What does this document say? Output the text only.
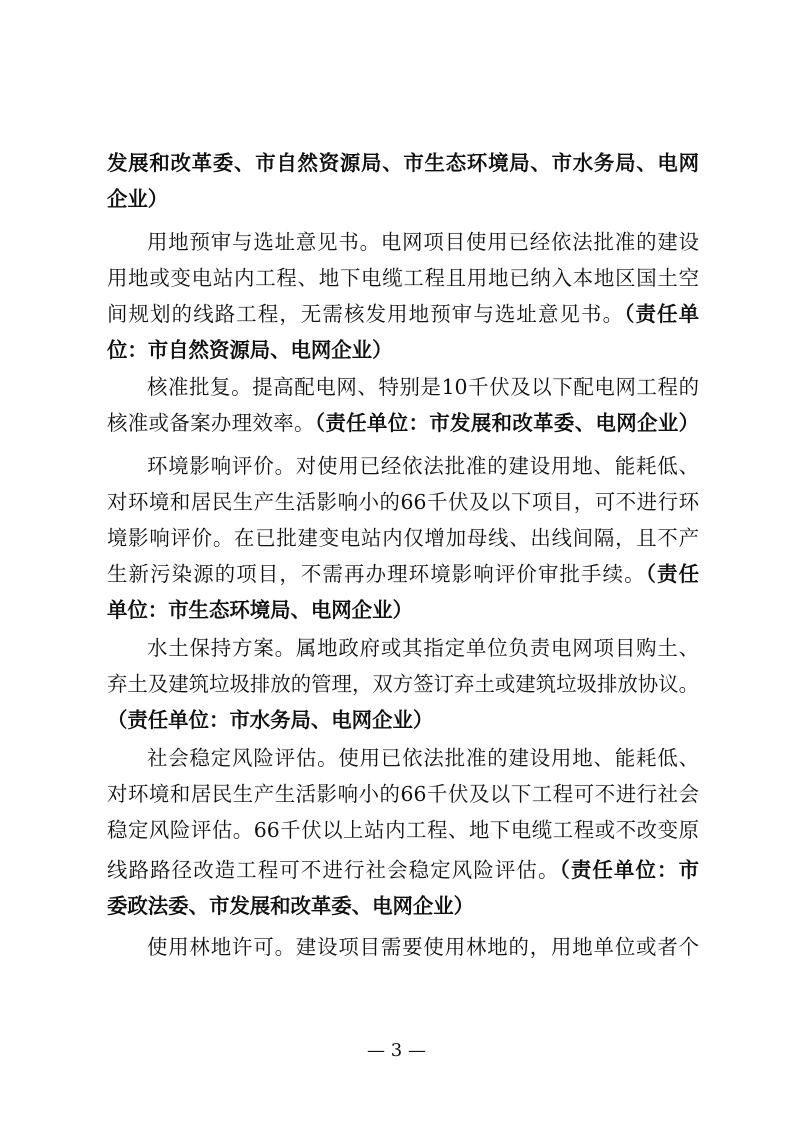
发展和改革委、市自然资源局、市生态环境局、市水务局、电网
企业）
用地预审与选址意见书。电网项目使用已经依法批准的建设
用地或变电站内工程、地下电缆工程且用地已纳入本地区国土空
间规划的线路工程，无需核发用地预审与选址意见书。（责任单
位：市自然资源局、电网企业）
核准批复。提高配电网、特别是10千伏及以下配电网工程的
核准或备案办理效率。（责任单位：市发展和改革委、电网企业）
环境影响评价。对使用已经依法批准的建设用地、能耗低、
对环境和居民生产生活影响小的66千伏及以下项目，可不进行环
境影响评价。在已批建变电站内仅增加母线、出线间隔，且不产
生新污染源的项目，不需再办理环境影响评价审批手续。（责任
单位：市生态环境局、电网企业）
水土保持方案。属地政府或其指定单位负责电网项目购土、
弃土及建筑垃圾排放的管理，双方签订弃土或建筑垃圾排放协议。
（责任单位：市水务局、电网企业）
社会稳定风险评估。使用已依法批准的建设用地、能耗低、
对环境和居民生产生活影响小的66千伏及以下工程可不进行社会
稳定风险评估。66千伏以上站内工程、地下电缆工程或不改变原
线路路径改造工程可不进行社会稳定风险评估。（责任单位：市
委政法委、市发展和改革委、电网企业）
使用林地许可。建设项目需要使用林地的，用地单位或者个
— 3 —
